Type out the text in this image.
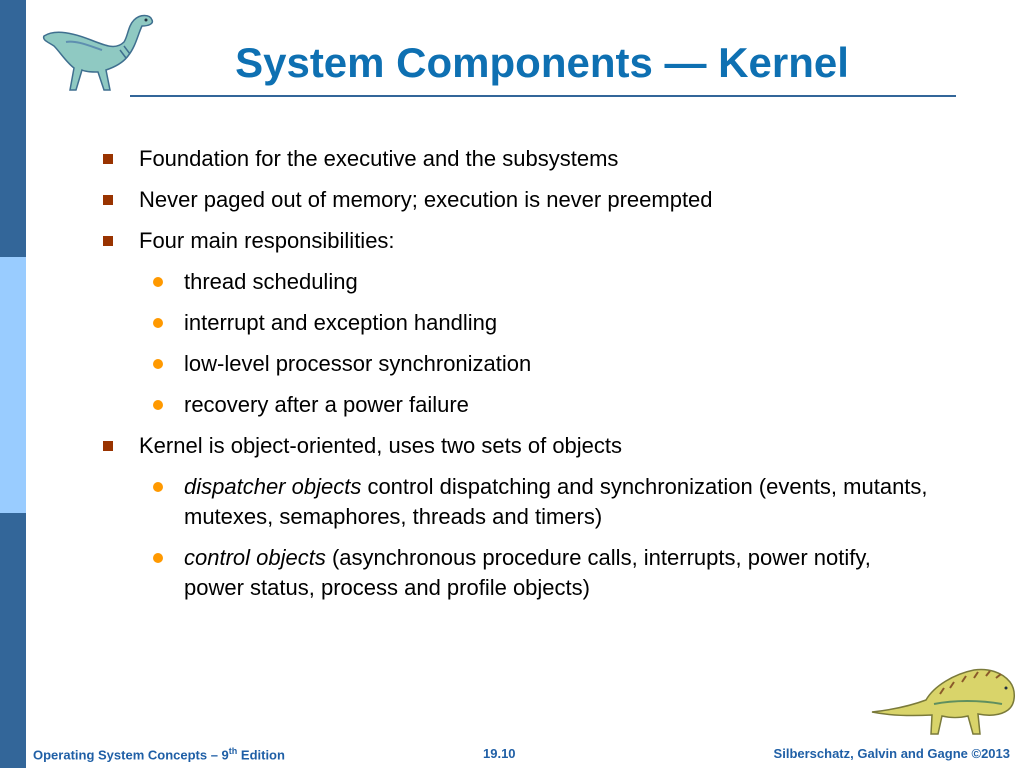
System Components — Kernel
Foundation for the executive and the subsystems
Never paged out of memory; execution is never preempted
Four main responsibilities:
thread scheduling
interrupt and exception handling
low-level processor synchronization
recovery after a power failure
Kernel is object-oriented, uses two sets of objects
dispatcher objects control dispatching and synchronization (events, mutants, mutexes, semaphores, threads and timers)
control objects (asynchronous procedure calls, interrupts, power notify, power status, process and profile objects)
Operating System Concepts – 9th Edition	19.10	Silberschatz, Galvin and Gagne ©2013
